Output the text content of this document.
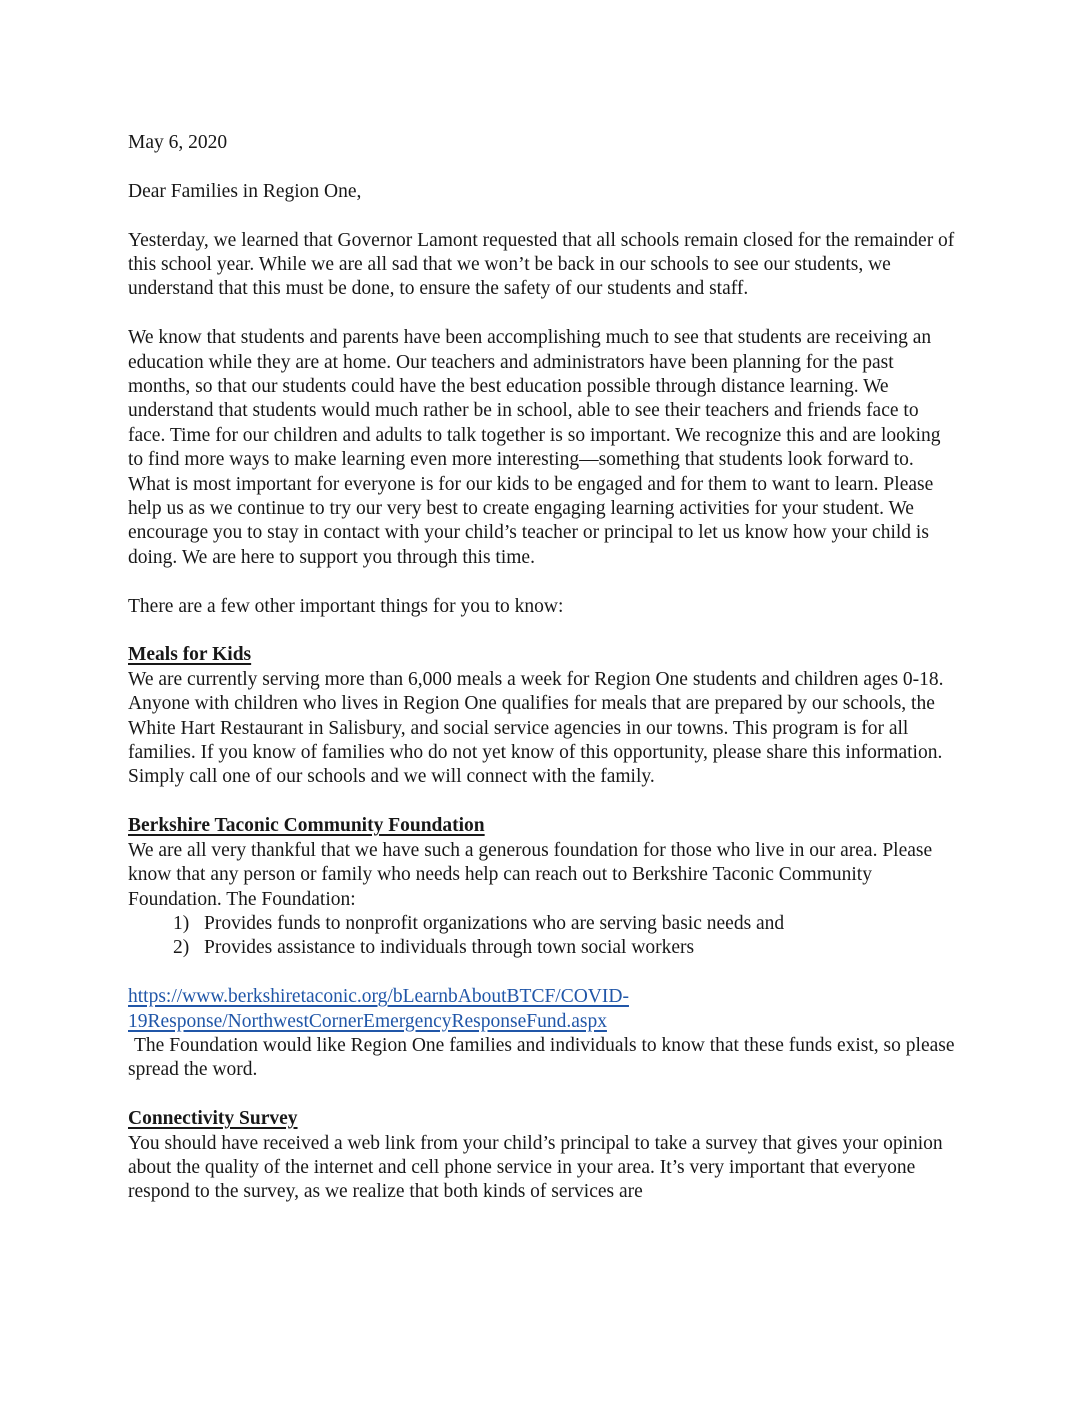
May 6, 2020

Dear Families in Region One,

Yesterday, we learned that Governor Lamont requested that all schools remain closed for the remainder of this school year. While we are all sad that we won’t be back in our schools to see our students, we understand that this must be done, to ensure the safety of our students and staff.

We know that students and parents have been accomplishing much to see that students are receiving an education while they are at home. Our teachers and administrators have been planning for the past months, so that our students could have the best education possible through distance learning. We understand that students would much rather be in school, able to see their teachers and friends face to face. Time for our children and adults to talk together is so important. We recognize this and are looking to find more ways to make learning even more interesting—something that students look forward to. What is most important for everyone is for our kids to be engaged and for them to want to learn. Please help us as we continue to try our very best to create engaging learning activities for your student. We encourage you to stay in contact with your child’s teacher or principal to let us know how your child is doing. We are here to support you through this time.

There are a few other important things for you to know:

Meals for Kids

We are currently serving more than 6,000 meals a week for Region One students and children ages 0-18. Anyone with children who lives in Region One qualifies for meals that are prepared by our schools, the White Hart Restaurant in Salisbury, and social service agencies in our towns. This program is for all families. If you know of families who do not yet know of this opportunity, please share this information. Simply call one of our schools and we will connect with the family.

Berkshire Taconic Community Foundation

We are all very thankful that we have such a generous foundation for those who live in our area. Please know that any person or family who needs help can reach out to Berkshire Taconic Community Foundation. The Foundation:

1) Provides funds to nonprofit organizations who are serving basic needs and
2) Provides assistance to individuals through town social workers

https://www.berkshiretaconic.org/bLearnbAboutBTCF/COVID-19Response/NorthwestCornerEmergencyResponseFund.aspx

The Foundation would like Region One families and individuals to know that these funds exist, so please spread the word.

Connectivity Survey

You should have received a web link from your child’s principal to take a survey that gives your opinion about the quality of the internet and cell phone service in your area. It’s very important that everyone respond to the survey, as we realize that both kinds of services are
